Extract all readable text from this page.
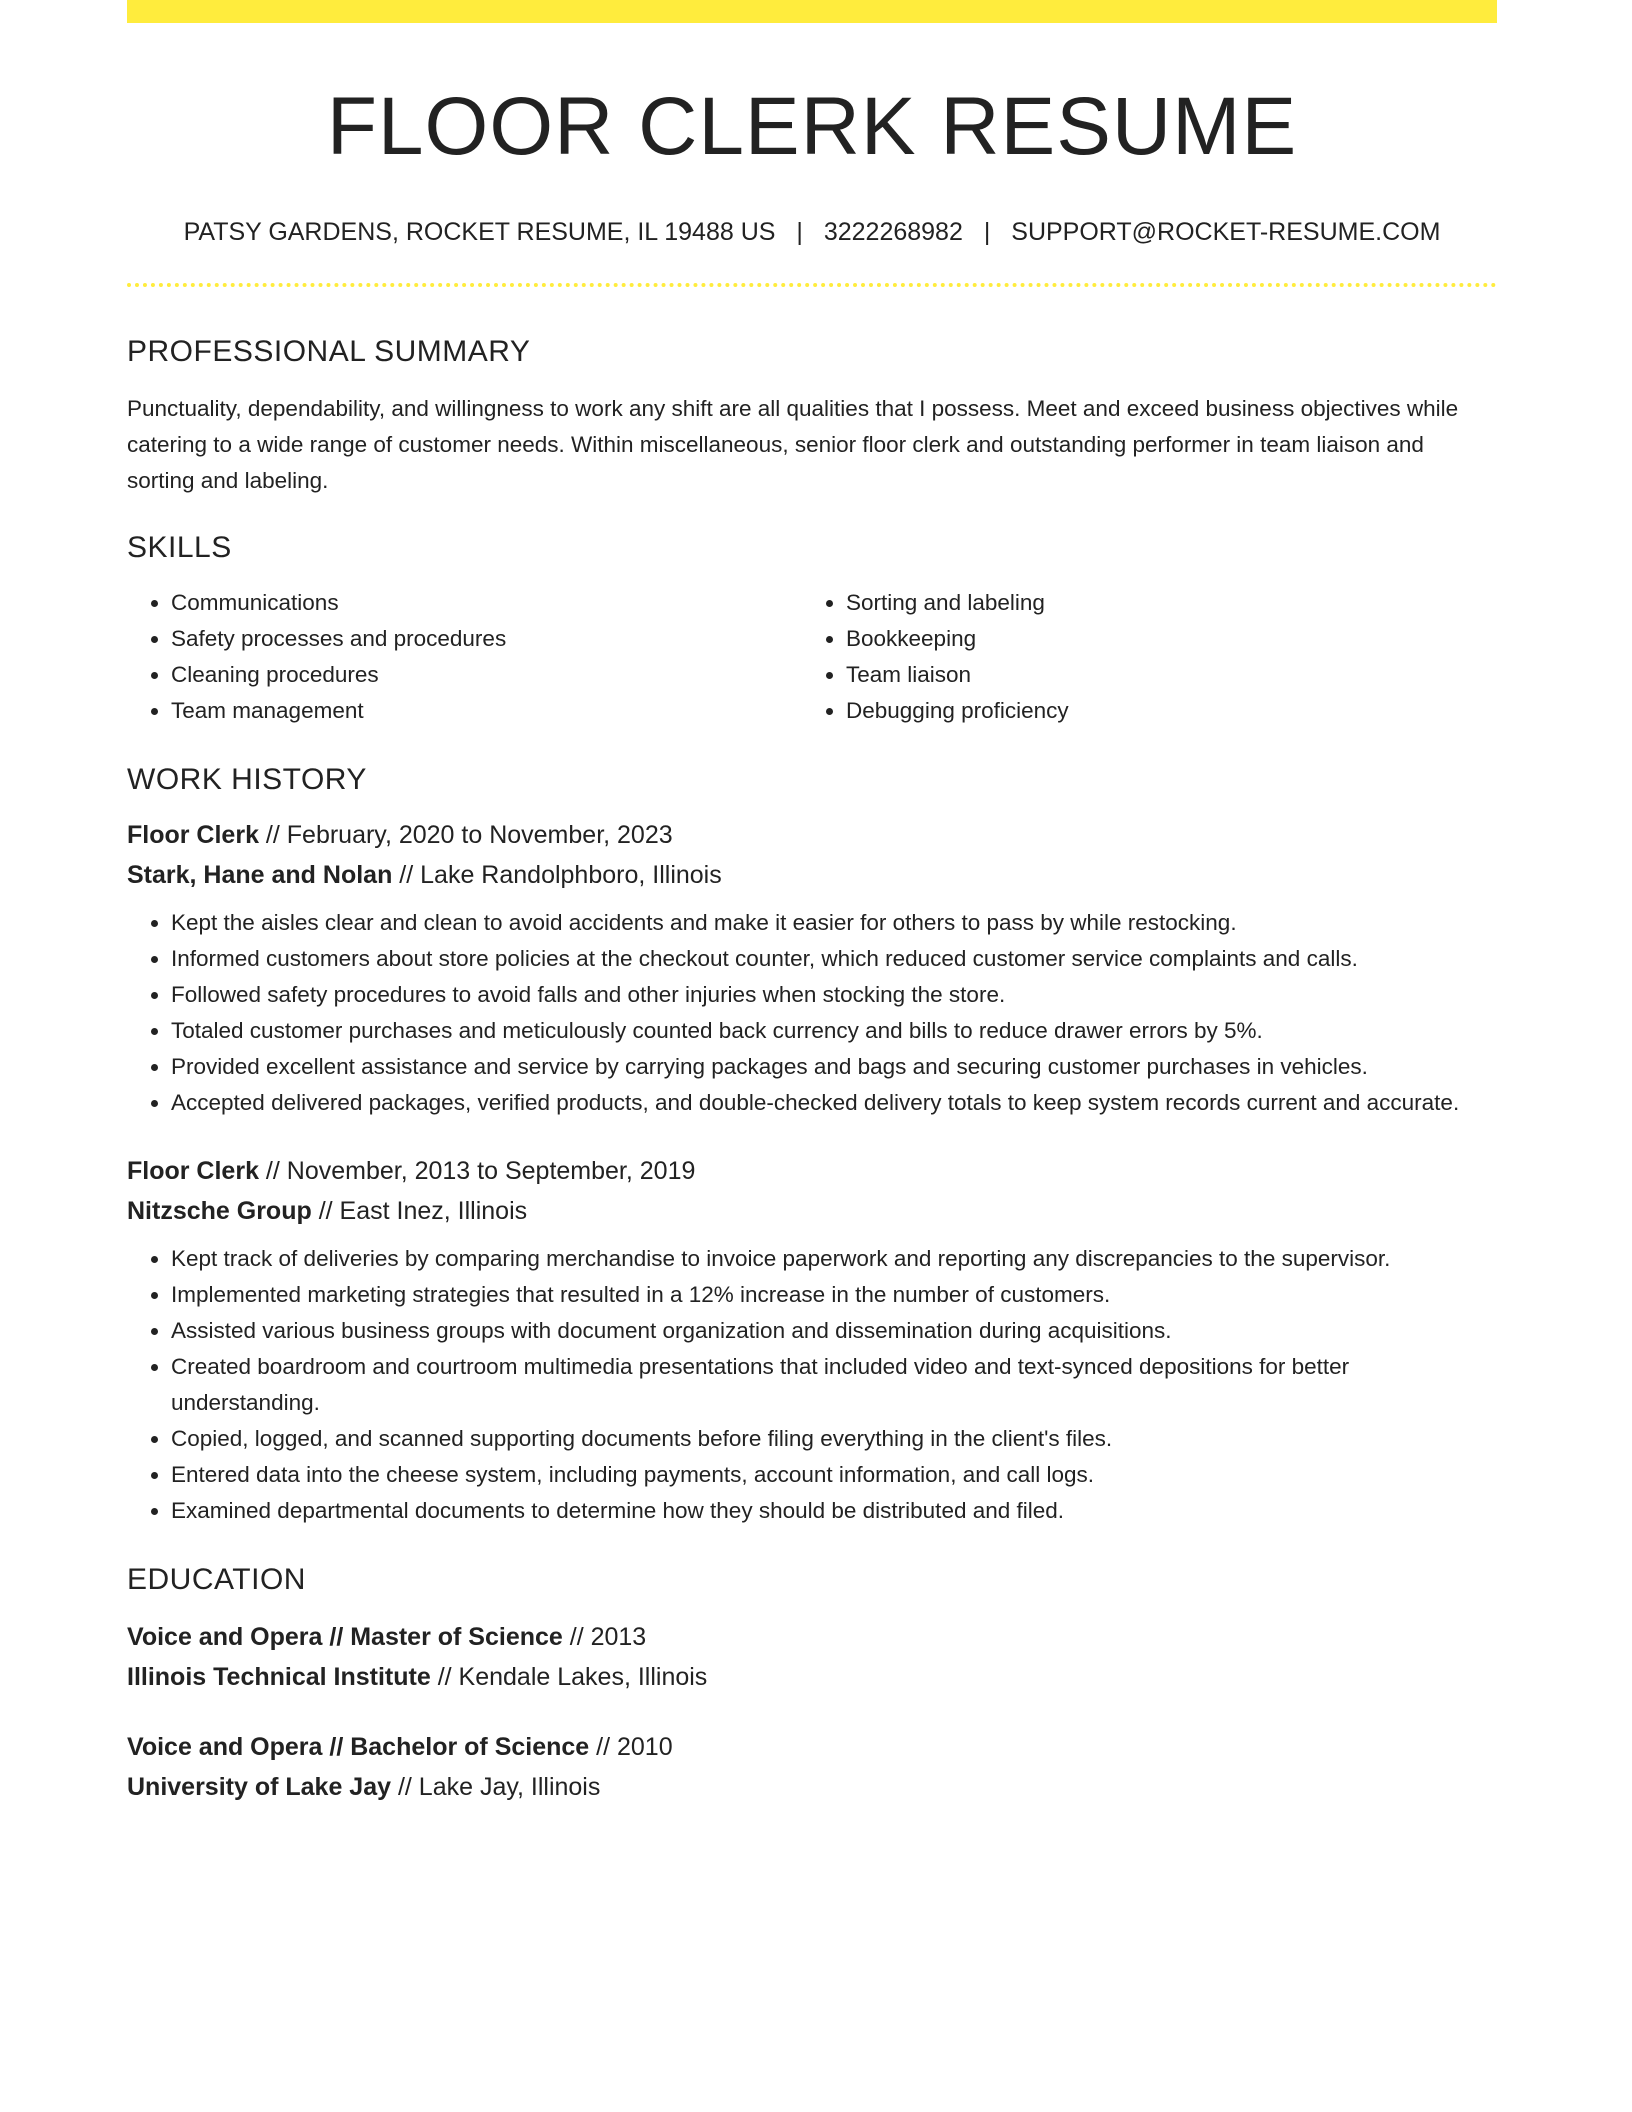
FLOOR CLERK RESUME
PATSY GARDENS, ROCKET RESUME, IL 19488 US | 3222268982 | SUPPORT@ROCKET-RESUME.COM
PROFESSIONAL SUMMARY

Punctuality, dependability, and willingness to work any shift are all qualities that I possess. Meet and exceed business objectives while catering to a wide range of customer needs. Within miscellaneous, senior floor clerk and outstanding performer in team liaison and sorting and labeling.

SKILLS
• Communications
• Safety processes and procedures
• Cleaning procedures
• Team management
• Sorting and labeling
• Bookkeeping
• Team liaison
• Debugging proficiency
WORK HISTORY
Floor Clerk // February, 2020 to November, 2023
Stark, Hane and Nolan // Lake Randolphboro, Illinois
• Kept the aisles clear and clean to avoid accidents and make it easier for others to pass by while restocking.
• Informed customers about store policies at the checkout counter, which reduced customer service complaints and calls.
• Followed safety procedures to avoid falls and other injuries when stocking the store.
• Totaled customer purchases and meticulously counted back currency and bills to reduce drawer errors by 5%.
• Provided excellent assistance and service by carrying packages and bags and securing customer purchases in vehicles.
• Accepted delivered packages, verified products, and double-checked delivery totals to keep system records current and accurate.
Floor Clerk // November, 2013 to September, 2019
Nitzsche Group // East Inez, Illinois
• Kept track of deliveries by comparing merchandise to invoice paperwork and reporting any discrepancies to the supervisor.
• Implemented marketing strategies that resulted in a 12% increase in the number of customers.
• Assisted various business groups with document organization and dissemination during acquisitions.
• Created boardroom and courtroom multimedia presentations that included video and text-synced depositions for better understanding.
• Copied, logged, and scanned supporting documents before filing everything in the client's files.
• Entered data into the cheese system, including payments, account information, and call logs.
• Examined departmental documents to determine how they should be distributed and filed.
EDUCATION
Voice and Opera // Master of Science // 2013
Illinois Technical Institute // Kendale Lakes, Illinois
Voice and Opera // Bachelor of Science // 2010
University of Lake Jay // Lake Jay, Illinois
